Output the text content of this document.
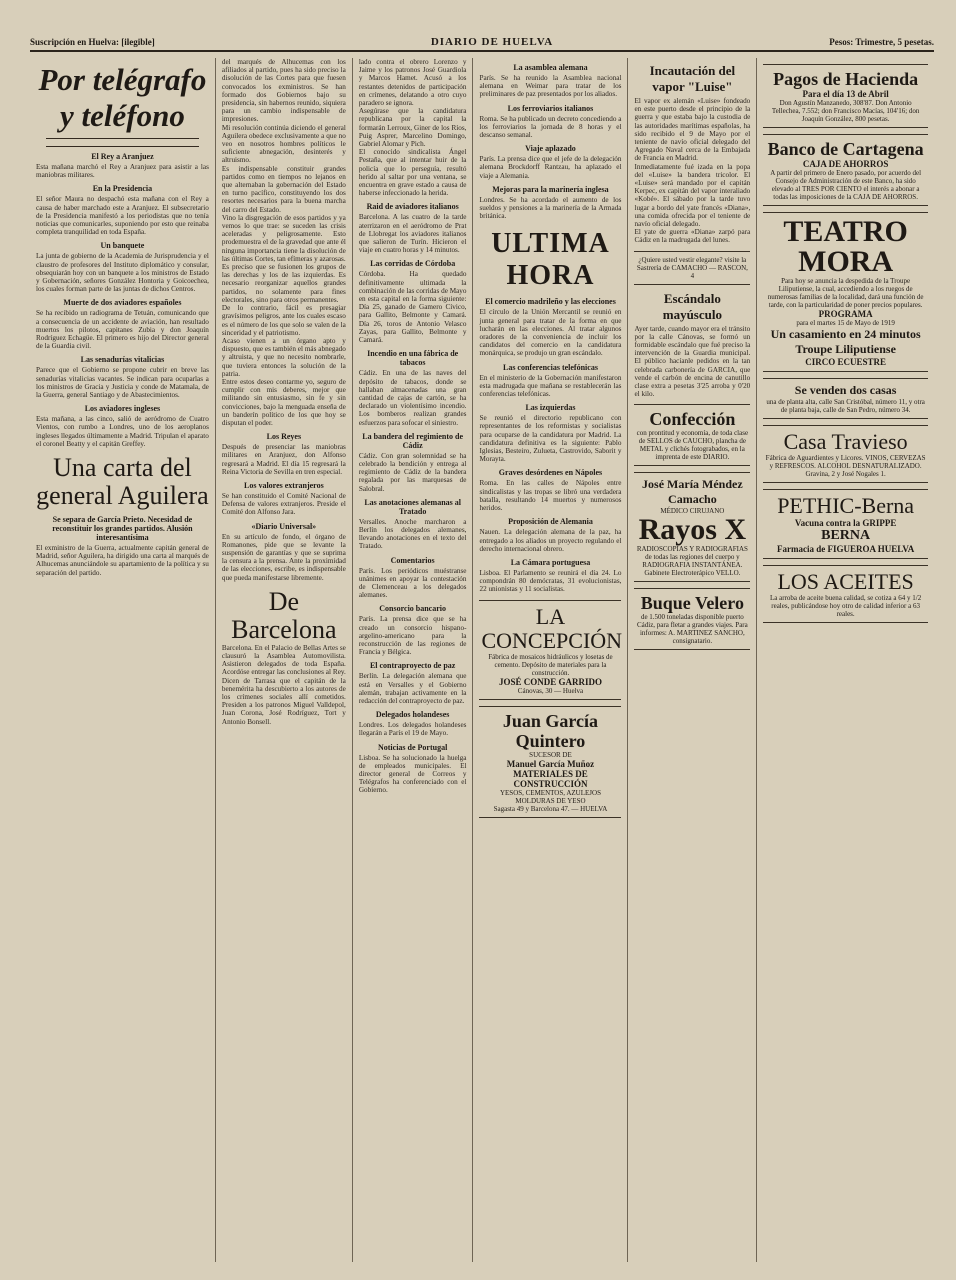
Suscripción en Huelva: [ilegible]	DIARIO DE HUELVA	Pesos: Trimestre, 5 pesetas.
Por telégrafo y teléfono
El Rey a Aranjuez

Esta mañana marchó el Rey a Aranjuez para asistir a las maniobras militares.

En la Presidencia

El señor Maura no despachó esta mañana con el Rey a causa de haber marchado este a Aranjuez. El subsecretario de la Presidencia manifestó a los periodistas que no tenía noticias que comunicarles, suponiendo por esto que reinaba completa tranquilidad en toda España.

Un banquete

La junta de gobierno de la Academia de Jurisprudencia y el claustro de profesores del Instituto diplomático y consular, obsequiarán hoy con un banquete a los ministros de Estado y Gobernación, señores González Hontoria y Goicoechea, los cuales forman parte de las juntas de dichos Centros.

Muerte de dos aviadores españoles

Se ha recibido un radiograma de Tetuán, comunicando que a consecuencia de un accidente de aviación, han resultado muertos los pilotos, capitanes Zubia y don Joaquín Rodríguez Echagüe. El primero es hijo del Director general de la Guardia civil.

Las senadurías vitalicias

Parece que el Gobierno se propone cubrir en breve las senadurías vitalicias vacantes. Se indican para ocuparlas a los ministros de Gracia y Justicia y conde de Matamala, de la Guerra, general Santiago y de Abastecimientos.

Los aviadores ingleses

Esta mañana, a las cinco, salió de aeródromo de Cuatro Vientos, con rumbo a Londres, uno de los aeroplanos ingleses llegados últimamente a Madrid. Tripulan el aparato el coronel Beatty y el capitán Greffey.

Una carta del general Aguilera
Se separa de García Prieto. Necesidad de reconstituir los grandes partidos. Alusión interesantísima

El exministro de la Guerra, actualmente capitán general de Madrid, señor Aguilera, ha dirigido una carta al marqués de Alhucemas anunciándole su apartamiento de la política y su separación del partido.

del marqués de Alhucemas con los afiliados al partido, pues ha sido preciso la disolución de las Cortes para que fuesen convocados los exministros. Se han formado dos Gobiernos bajo su presidencia, sin habernos reunido, siquiera para un cambio indispensable de impresiones.

Mi resolución continúa diciendo el general Aguilera obedece exclusivamente a que no veo en nosotros hombres políticos le suficiente abnegación, desinterés y altruismo.

Es indispensable constituir grandes partidos como en tiempos no lejanos en que alternaban la gobernación del Estado en turno pacífico, constituyendo los dos resortes necesarios para la buena marcha del carro del Estado.

Vino la disgregación de esos partidos y ya vemos lo que trae: se suceden las crisis aceleradas y peligrosamente. Esto prodemuestra el de la gravedad que ante él ninguna importancia tiene la disolución de las últimas Cortes, tan efímeras y azarosas.

Es preciso que se fusionen los grupos de las derechas y los de las izquierdas. Es necesario reorganizar aquellos grandes partidos, no solamente para fines electorales, sino para otros permanentes.

De lo contrario, fácil es presagiar gravísimos peligros, ante los cuales escaso es el número de los que solo se valen de la sinceridad y el patriotismo.

Acaso vienen a un órgano apto y dispuesto, que es también el más abnegado y altruista, y que no necesito nombrarle, que tuviera entonces la solución de la patria.

Entre estos deseo contarme yo, seguro de cumplir con mis deberes, mejor que militando sin entusiasmo, sin fe y sin convicciones, bajo la menguada enseña de un banderín político de los que hoy se disputan el poder.

Los Reyes

Después de presenciar las maniobras militares en Aranjuez, don Alfonso regresará a Madrid. El día 15 regresará la Reina Victoria de Sevilla en tren especial.

Los valores extranjeros

Se han constituido el Comité Nacional de Defensa de valores extranjeros. Preside el Comité don Alfonso Jara.

«Diario Universal»

En su artículo de fondo, el órgano de Romanones, pide que se levante la suspensión de garantías y que se suprima la censura a la prensa. Ante la proximidad de las elecciones, escribe, es indispensable que pueda manifestarse libremente.

De Barcelona

Barcelona. En el Palacio de Bellas Artes se clausuró la Asamblea Automovilista. Asistieron delegados de toda España. Acordóse entregar las conclusiones al Rey. Dicen de Tarrasa que el capitán de la benemérita ha descubierto a los autores de los crímenes sociales allí cometidos. Presiden a los patronos Miguel Valldepol, Juan Corona, José Rodríguez, Tort y Antonio Bonsell.

lado contra el obrero Lorenzo y Jaime y los patronos José Guardiola y Marcos Hamet. Acusó a los restantes detenidos de participación en crímenes, delatando a otro cuyo paradero se ignora.

Asegúrase que la candidatura republicana por la capital la formarán Lerroux, Giner de los Ríos, Puig Asprer, Marcelino Domingo, Gabriel Alomar y Pich.

El conocido sindicalista Ángel Pestaña, que al intentar huir de la policía que lo perseguía, resultó herido al saltar por una ventana, se encuentra en grave estado a causa de haberse infeccionado la herida.

Raid de aviadores italianos

Barcelona. A las cuatro de la tarde aterrizaron en el aeródromo de Prat de Llobregat los aviadores italianos que salieron de Turín. Hicieron el viaje en cuatro horas y 14 minutos.

Las corridas de Córdoba

Córdoba. Ha quedado definitivamente ultimada la combinación de las corridas de Mayo en esta capital en la forma siguiente: Día 25, ganado de Gamero Cívico, para Gallito, Belmonte y Camará. Día 26, toros de Antonio Velasco Zayas, para Gallito, Belmonte y Camará.

Incendio en una fábrica de tabacos

Cádiz. En una de las naves del depósito de tabacos, donde se hallaban almacenadas una gran cantidad de cajas de cartón, se ha declarado un violentísimo incendio. Los bomberos realizan grandes esfuerzos para sofocar el siniestro.

La bandera del regimiento de Cádiz

Cádiz. Con gran solemnidad se ha celebrado la bendición y entrega al regimiento de Cádiz de la bandera regalada por las marquesas de Salobral.

Las anotaciones alemanas al Tratado

Versalles. Anoche marcharon a Berlín los delegados alemanes, llevando anotaciones en el texto del Tratado.

Comentarios

París. Los periódicos muéstranse unánimes en apoyar la contestación de Clemenceau a los delegados alemanes.

Consorcio bancario

París. La prensa dice que se ha creado un consorcio hispano-argelino-americano para la reconstrucción de las regiones de Francia y Bélgica.

El contraproyecto de paz

Berlín. La delegación alemana que está en Versalles y el Gobierno alemán, trabajan activamente en la redacción del contraproyecto de paz.

Delegados holandeses

Londres. Los delegados holandeses llegarán a París el 19 de Mayo.

Noticias de Portugal

Lisboa. Se ha solucionado la huelga de empleados municipales. El director general de Correos y Telégrafos ha conferenciado con el Gobierno.

La asamblea alemana

París. Se ha reunido la Asamblea nacional alemana en Weimar para tratar de los preliminares de paz presentados por los aliados.

Los ferroviarios italianos

Roma. Se ha publicado un decreto concediendo a los ferroviarios la jornada de 8 horas y el descanso semanal.

Viaje aplazado

París. La prensa dice que el jefe de la delegación alemana Brockdorff Rantzau, ha aplazado el viaje a Alemania.

Mejoras para la marinería inglesa

Londres. Se ha acordado el aumento de los sueldos y pensiones a la marinería de la Armada británica.

ULTIMA HORA
El comercio madrileño y las elecciones

El círculo de la Unión Mercantil se reunió en junta general para tratar de la forma en que lucharán en las elecciones. Al tratar algunos oradores de la conveniencia de incluir los candidatos del comercio en la candidatura monárquica, se produjo un gran escándalo.

Las conferencias telefónicas

En el ministerio de la Gobernación manifestaron esta madrugada que mañana se restablecerán las conferencias telefónicas.

Las izquierdas

Se reunió el directorio republicano con representantes de los reformistas y socialistas para ocuparse de la candidatura por Madrid. La candidatura definitiva es la siguiente: Pablo Iglesias, Besteiro, Zulueta, Castrovido, Saborit y Morayta.

Graves desórdenes en Nápoles

Roma. En las calles de Nápoles entre sindicalistas y las tropas se libró una verdadera batalla, resultando 14 muertos y numerosos heridos.

Proposición de Alemania

Nauen. La delegación alemana de la paz, ha entregado a los aliados un proyecto regulando el derecho internacional obrero.

La Cámara portuguesa

Lisboa. El Parlamento se reunirá el día 24. Lo compondrán 80 demócratas, 31 evolucionistas, 22 unionistas y 11 socialistas.

LA CONCEPCIÓN
Fábrica de mosaicos hidráulicos y losetas de cemento. Depósito de materiales para la construcción.
JOSÉ CONDE GARRIDO
Cánovas, 30 — Huelva
Juan García Quintero
SUCESOR DE
Manuel García Muñoz
MATERIALES DE CONSTRUCCIÓN
YESOS, CEMENTOS, AZULEJOS
MOLDURAS DE YESO
Sagasta 49 y Barcelona 47. — HUELVA
Incautación del vapor "Luise"

El vapor ex alemán «Luise» fondeado en este puerto desde el principio de la guerra y que estaba bajo la custodia de las autoridades marítimas españolas, ha sido recibido el 9 de Mayo por el teniente de navío oficial delegado del Agregado Naval cerca de la Embajada de Francia en Madrid.

Inmediatamente fué izada en la popa del «Luise» la bandera tricolor. El «Luise» será mandado por el capitán Kerpec, ex capitán del vapor interaliado «Kobé». El sábado por la tarde tuvo lugar a bordo del yate francés «Diana», una comida ofrecida por el teniente de navío oficial delegado.

El yate de guerra «Diana» zarpó para Cádiz en la madrugada del lunes.

¿Quiere usted vestir elegante? visite la Sastrería de CAMACHO — RASCON, 4
Escándalo mayúsculo

Ayer tarde, cuando mayor era el tránsito por la calle Cánovas, se formó un formidable escándalo que fué preciso la intervención de la Guardia municipal. El público hacíanle pedidos en la tan celebrada carbonería de GARCIA, que vende el carbón de encina de canutillo clase extra a pesetas 3'25 arroba y 0'20 el kilo.

Confección
con prontitud y economía, de toda clase de SELLOS de CAUCHO, plancha de METAL y clichés fotograbados, en la imprenta de este DIARIO.
José María Méndez Camacho
MÉDICO CIRUJANO
Rayos X
RADIOSCOPIAS Y RADIOGRAFIAS de todas las regiones del cuerpo y RADIOGRAFIA INSTANTÁNEA. Gabinete Electroterápico VELLO.
Buque Velero
de 1.500 toneladas disponible puerto Cádiz, para fletar a grandes viajes. Para informes: A. MARTINEZ SANCHO, consignatario.
Pagos de Hacienda
Para el día 13 de Abril
Don Agustín Manzanedo, 308'87. Don Antonio Tellechea, 7.552; don Francisco Macías, 104'16; don Joaquín González, 800 pesetas.
Banco de Cartagena
CAJA DE AHORROS
A partir del primero de Enero pasado, por acuerdo del Consejo de Administración de este Banco, ha sido elevado al TRES POR CIENTO el interés a abonar a todas las imposiciones de la CAJA DE AHORROS.
TEATRO MORA
Para hoy se anuncia la despedida de la Troupe Liliputiense, la cual, accediendo a los ruegos de numerosas familias de la localidad, dará una función de tarde, con la particularidad de poner precios populares.
PROGRAMA
para el martes 15 de Mayo de 1919
Un casamiento en 24 minutos
Troupe Liliputiense
CIRCO ECUESTRE
Se venden dos casas
una de planta alta, calle San Cristóbal, número 11, y otra de planta baja, calle de San Pedro, número 34.
Casa Travieso
Fábrica de Aguardientes y Licores. VINOS, CERVEZAS y REFRESCOS. ALCOHOL DESNATURALIZADO. Gravina, 2 y José Nogales 1.
PETHIC-Berna
Vacuna contra la GRIPPE
BERNA
Farmacia de FIGUEROA HUELVA
LOS ACEITES
La arroba de aceite buena calidad, se cotiza a 64 y 1/2 reales, publicándose hoy otro de calidad inferior a 63 reales.
